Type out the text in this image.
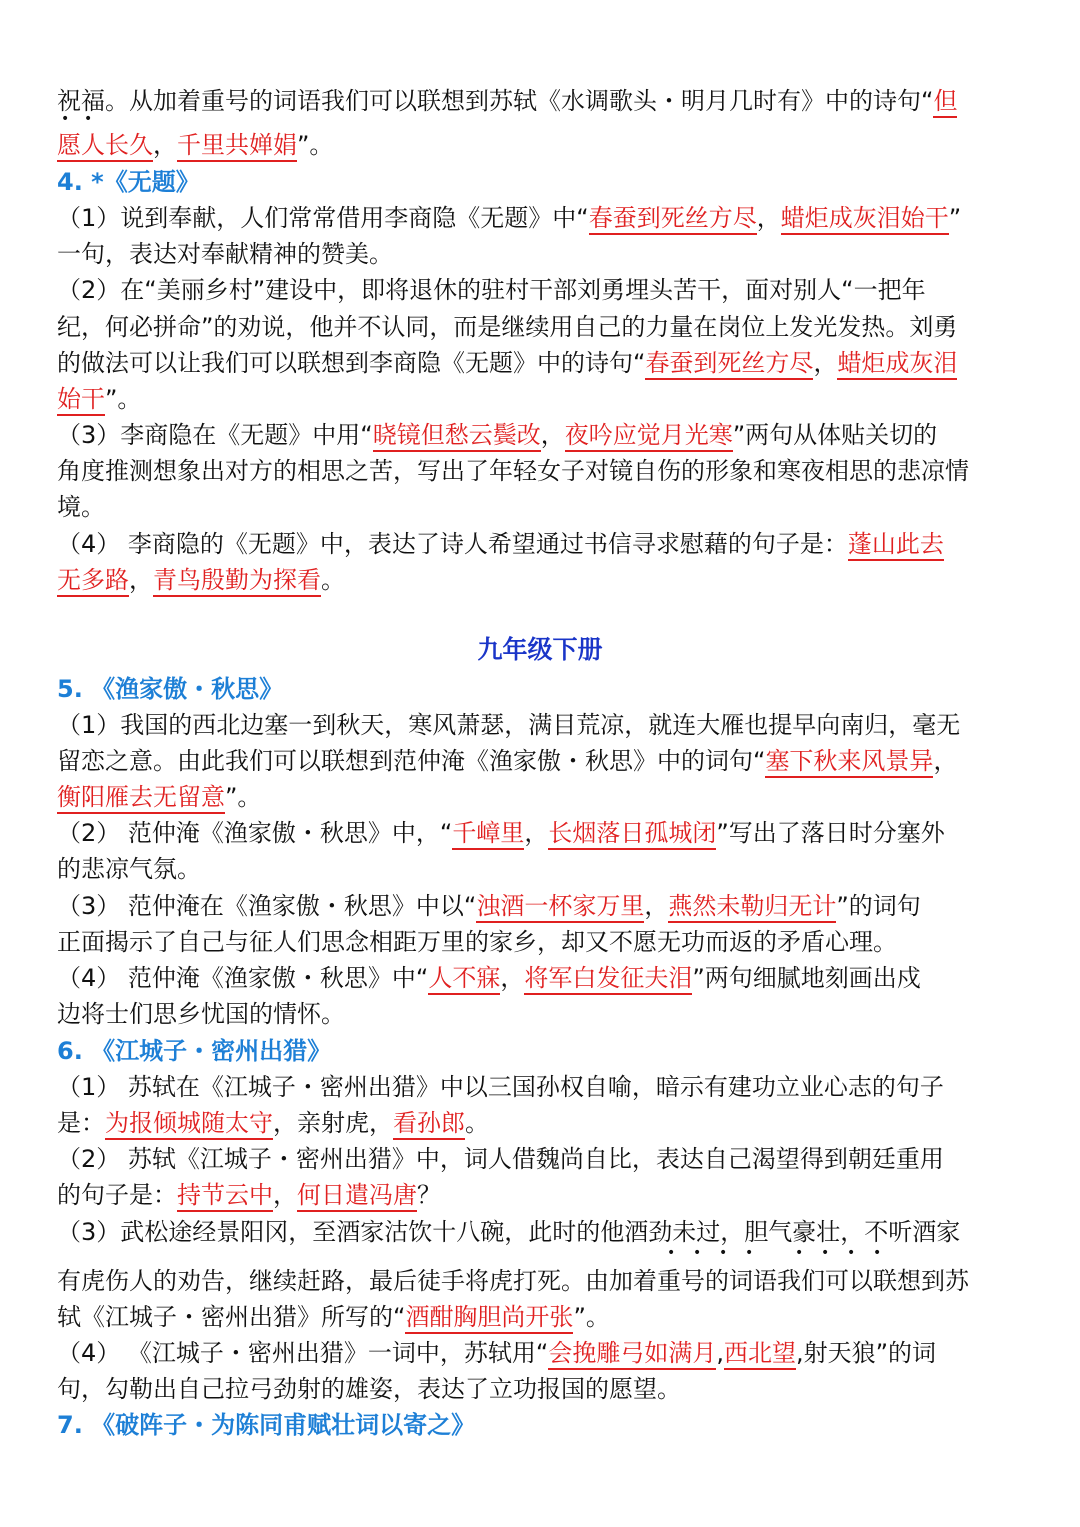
祝福。从加着重号的词语我们可以联想到苏轼《水调歌头・明月几时有》中的诗句“但
• •
愿人长久，千里共婵娟”。
4. *《无题》
（1）说到奉献，人们常常借用李商隐《无题》中“春蚕到死丝方尽，蜡炬成灰泪始干”
一句，表达对奉献精神的赞美。
（2）在“美丽乡村”建设中，即将退休的驻村干部刘勇埋头苦干，面对别人“一把年
纪，何必拼命”的劝说，他并不认同，而是继续用自己的力量在岗位上发光发热。刘勇
的做法可以让我们可以联想到李商隐《无题》中的诗句“春蚕到死丝方尽，蜡炬成灰泪
始干”。
（3）李商隐在《无题》中用“晓镜但愁云鬓改，夜吟应觉月光寒”两句从体贴关切的
角度推测想象出对方的相思之苦，写出了年轻女子对镜自伤的形象和寒夜相思的悲凉情
境。
（4） 李商隐的《无题》中，表达了诗人希望通过书信寻求慰藉的句子是：蓬山此去
无多路，青鸟殷勤为探看。
九年级下册
5. 《渔家傲・秋思》
（1）我国的西北边塞一到秋天，寒风萧瑟，满目荒凉，就连大雁也提早向南归，毫无
留恋之意。由此我们可以联想到范仲淹《渔家傲・秋思》中的词句“塞下秋来风景异，
衡阳雁去无留意”。
（2） 范仲淹《渔家傲・秋思》中，“千嶂里，长烟落日孤城闭”写出了落日时分塞外
的悲凉气氛。
（3） 范仲淹在《渔家傲・秋思》中以“浊酒一杯家万里，燕然未勒归无计”的词句
正面揭示了自己与征人们思念相距万里的家乡，却又不愿无功而返的矛盾心理。
（4） 范仲淹《渔家傲・秋思》中“人不寐，将军白发征夫泪”两句细腻地刻画出戍
边将士们思乡忧国的情怀。
6. 《江城子・密州出猎》
（1） 苏轼在《江城子・密州出猎》中以三国孙权自喻，暗示有建功立业心志的句子
是：为报倾城随太守，亲射虎，看孙郎。
（2） 苏轼《江城子・密州出猎》中，词人借魏尚自比，表达自己渴望得到朝廷重用
的句子是：持节云中，何日遣冯唐？
（3）武松途经景阳冈，至酒家沽饮十八碗，此时的他酒劲未过，胆气豪壮，不听酒家
• • • •	• • • •
有虎伤人的劝告，继续赶路，最后徒手将虎打死。由加着重号的词语我们可以联想到苏
轼《江城子・密州出猎》所写的“酒酣胸胆尚开张”。
（4） 《江城子・密州出猎》一词中，苏轼用“会挽雕弓如满月,西北望,射天狼”的词
句，勾勒出自己拉弓劲射的雄姿，表达了立功报国的愿望。
7. 《破阵子・为陈同甫赋壮词以寄之》
